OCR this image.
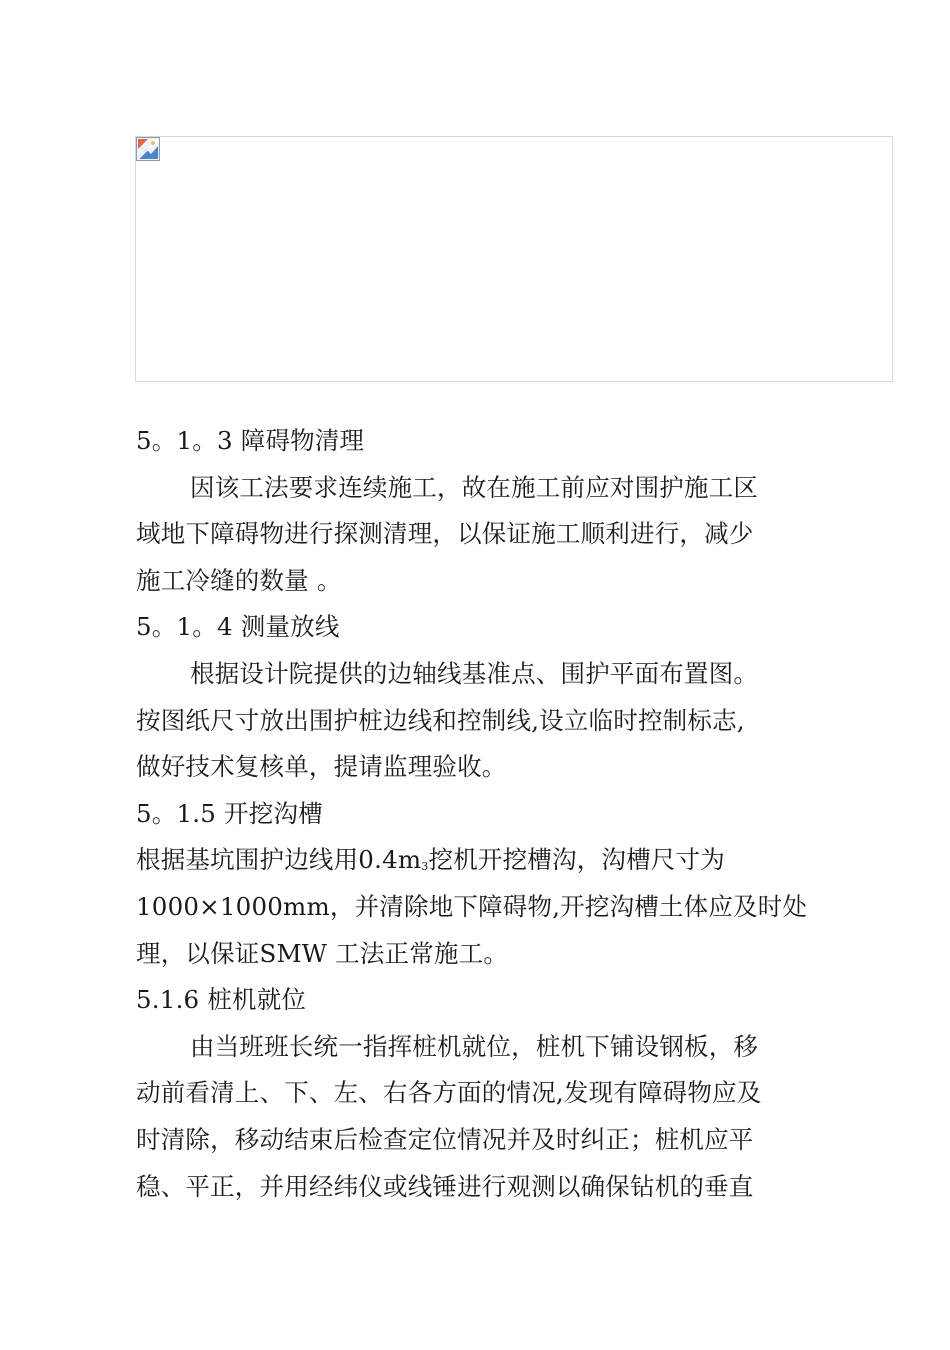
5。1。3 障碍物清理
因该工法要求连续施工，故在施工前应对围护施工区
域地下障碍物进行探测清理，以保证施工顺利进行，减少
施工冷缝的数量 。
5。1。4 测量放线
根据设计院提供的边轴线基准点、围护平面布置图。
按图纸尺寸放出围护桩边线和控制线,设立临时控制标志,
做好技术复核单，提请监理验收。
5。1.5 开挖沟槽
根据基坑围护边线用0.4m3挖机开挖槽沟，沟槽尺寸为
1000×1000mm，并清除地下障碍物,开挖沟槽土体应及时处
理，以保证SMW 工法正常施工。
5.1.6 桩机就位
由当班班长统一指挥桩机就位，桩机下铺设钢板，移
动前看清上、下、左、右各方面的情况,发现有障碍物应及
时清除，移动结束后检查定位情况并及时纠正；桩机应平
稳、平正，并用经纬仪或线锤进行观测以确保钻机的垂直
